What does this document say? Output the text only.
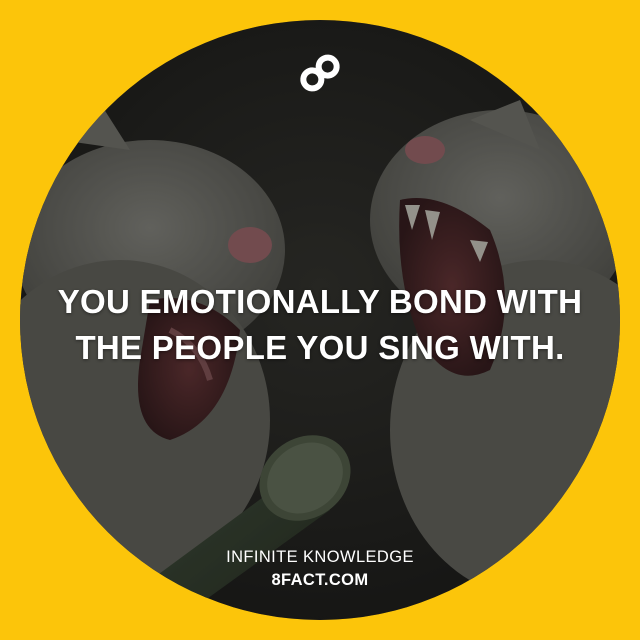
YOU EMOTIONALLY BOND WITH
THE PEOPLE YOU SING WITH.

INFINITE KNOWLEDGE
8FACT.COM
